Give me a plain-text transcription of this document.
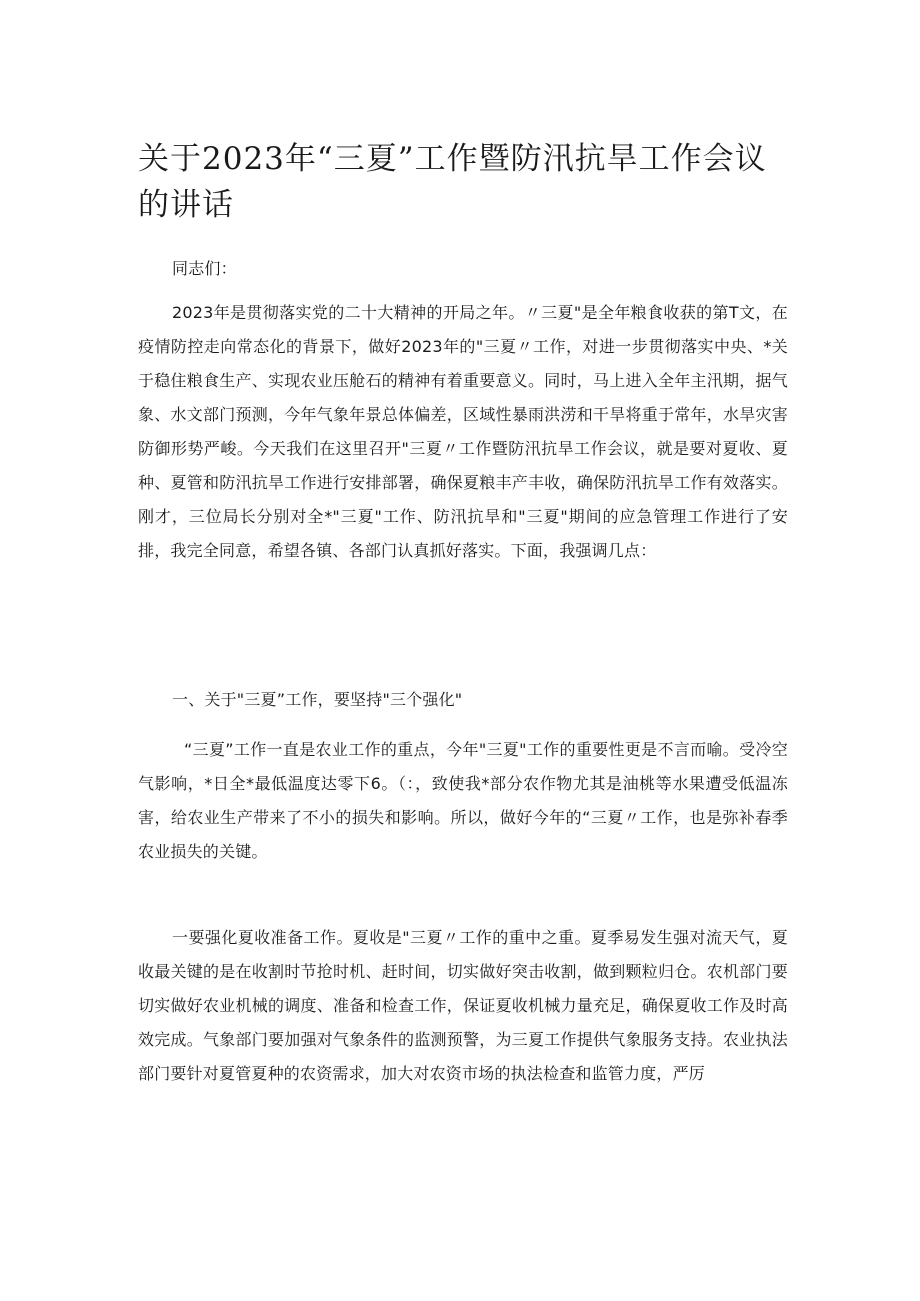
关于2023年“三夏”工作暨防汛抗旱工作会议的讲话

同志们：

2023年是贯彻落实党的二十大精神的开局之年。〃三夏"是全年粮食收获的第T文，在疫情防控走向常态化的背景下，做好2023年的"三夏〃工作，对进一步贯彻落实中央、*关于稳住粮食生产、实现农业压舱石的精神有着重要意义。同时，马上进入全年主汛期，据气象、水文部门预测，今年气象年景总体偏差，区域性暴雨洪涝和干旱将重于常年，水旱灾害防御形势严峻。今天我们在这里召开"三夏〃工作暨防汛抗旱工作会议，就是要对夏收、夏种、夏管和防汛抗旱工作进行安排部署，确保夏粮丰产丰收，确保防汛抗旱工作有效落实。刚才，三位局长分别对全*"三夏"工作、防汛抗旱和"三夏"期间的应急管理工作进行了安排，我完全同意，希望各镇、各部门认真抓好落实。下面，我强调几点：

一、关于"三夏”工作，要坚持"三个强化"

“三夏”工作一直是农业工作的重点，今年"三夏"工作的重要性更是不言而喻。受冷空气影响，*日全*最低温度达零下6。（：，致使我*部分农作物尤其是油桃等水果遭受低温冻害，给农业生产带来了不小的损失和影响。所以，做好今年的“三夏〃工作，也是弥补春季农业损失的关键。

一要强化夏收准备工作。夏收是"三夏〃工作的重中之重。夏季易发生强对流天气，夏收最关键的是在收割时节抢时机、赶时间，切实做好突击收割，做到颗粒归仓。农机部门要切实做好农业机械的调度、准备和检查工作，保证夏收机械力量充足，确保夏收工作及时高效完成。气象部门要加强对气象条件的监测预警，为三夏工作提供气象服务支持。农业执法部门要针对夏管夏种的农资需求，加大对农资市场的执法检查和监管力度，严厉
